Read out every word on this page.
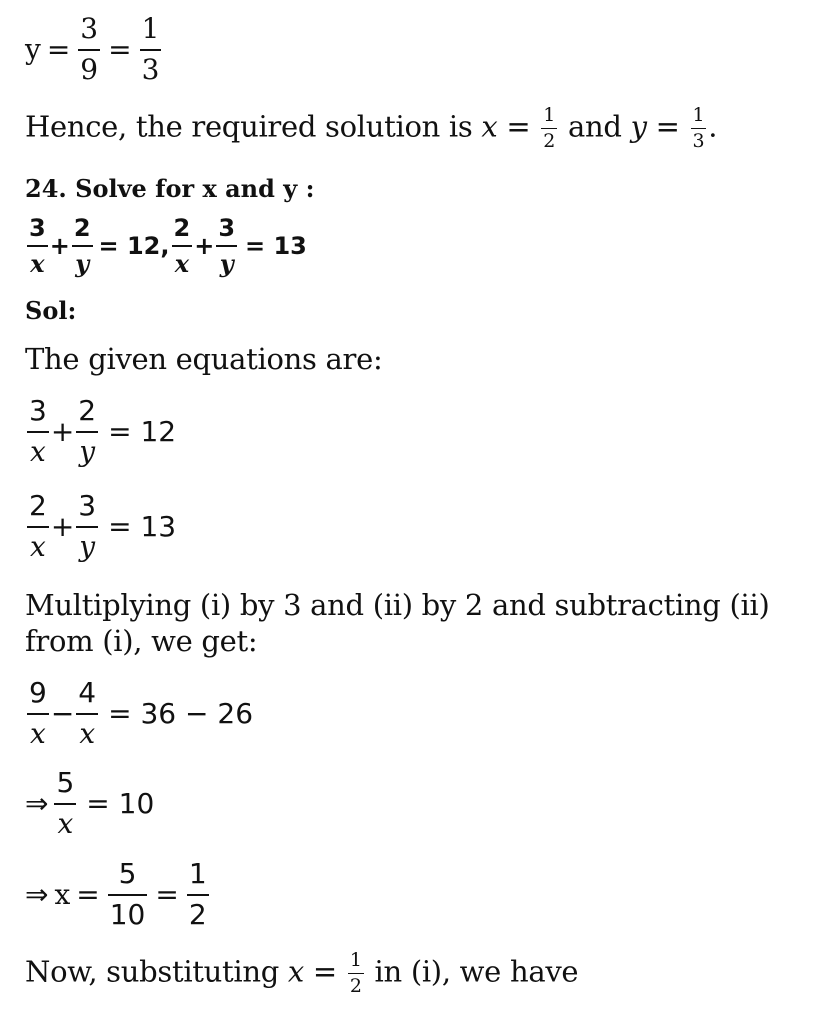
$y = \frac{3}{9} = \frac{1}{3}$
Hence, the required solution is $x = \frac{1}{2}$ and $y = \frac{1}{3}$ .
24. Solve for x and y :
$\frac{3}{x} + \frac{2}{y} = 12$, $\frac{2}{x} + \frac{3}{y} = 13$
Sol:
The given equations are:
$\frac{3}{x} + \frac{2}{y} = 12$
$\frac{2}{x} + \frac{3}{y} = 13$
Multiplying (i) by 3 and (ii) by 2 and subtracting (ii)
from (i), we get:
$\frac{9}{x} - \frac{4}{x} = 36 - 26$
⇒ $\frac{5}{x} = 10$
⇒ $x = \frac{5}{10} = \frac{1}{2}$
Now, substituting $x = \frac{1}{2}$ in (i), we have
